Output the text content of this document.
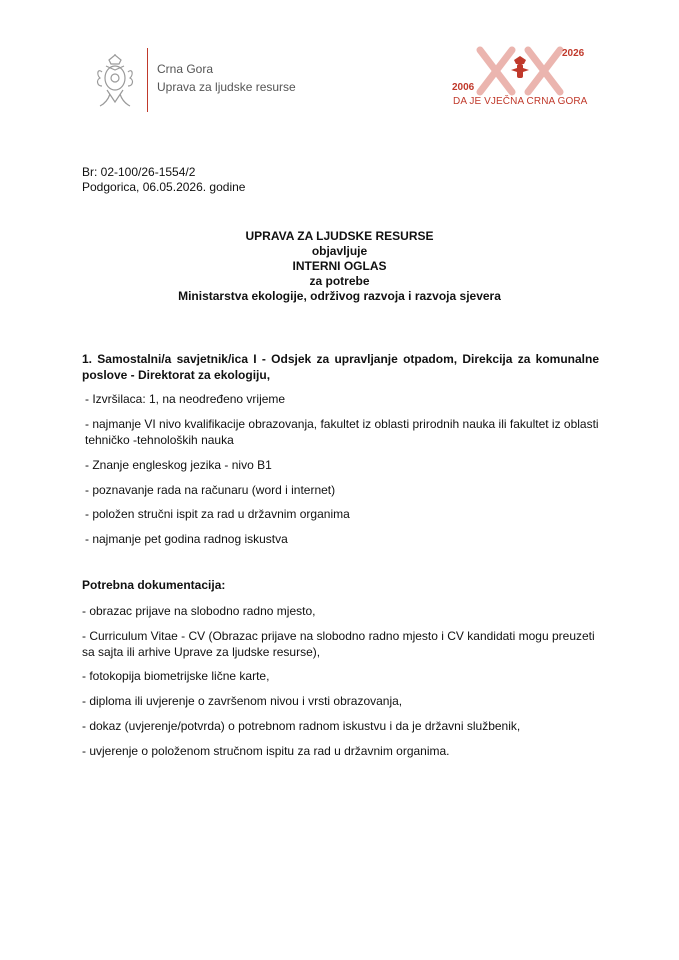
Crna Gora
Uprava za ljudske resurse
2026
2006
DA JE VJEČNA CRNA GORA
Br: 02-100/26-1554/2
Podgorica, 06.05.2026. godine
UPRAVA ZA LJUDSKE RESURSE
objavljuje
INTERNI OGLAS
za potrebe
Ministarstva ekologije, održivog razvoja i razvoja sjevera
1. Samostalni/a savjetnik/ica I - Odsjek za upravljanje otpadom, Direkcija za komunalne poslove - Direktorat za ekologiju,
- Izvršilaca: 1, na neodređeno vrijeme
- najmanje VI nivo kvalifikacije obrazovanja, fakultet iz oblasti prirodnih nauka ili fakultet iz oblasti tehničko -tehnoloških nauka
- Znanje engleskog jezika - nivo B1
- poznavanje rada na računaru (word i internet)
- položen stručni ispit za rad u državnim organima
- najmanje pet godina radnog iskustva
Potrebna dokumentacija:
- obrazac prijave na slobodno radno mjesto,
- Curriculum Vitae - CV (Obrazac prijave na slobodno radno mjesto i CV kandidati mogu preuzeti sa sajta ili arhive Uprave za ljudske resurse),
- fotokopija biometrijske lične karte,
- diploma ili uvjerenje o završenom nivou i vrsti obrazovanja,
- dokaz (uvjerenje/potvrda) o potrebnom radnom iskustvu i da je državni službenik,
- uvjerenje o položenom stručnom ispitu za rad u državnim organima.
